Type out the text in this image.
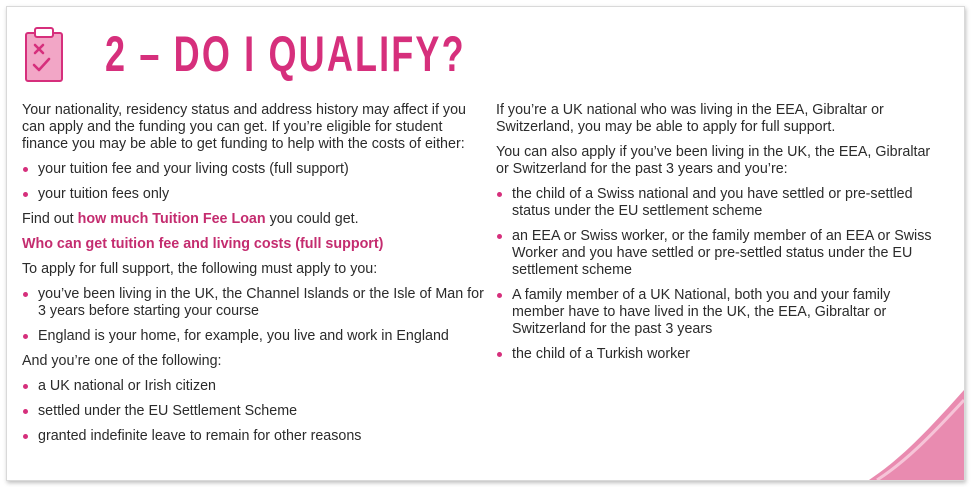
2 – DO I QUALIFY?

Your nationality, residency status and address history may affect if you can apply and the funding you can get. If you’re eligible for student finance you may be able to get funding to help with the costs of either:

your tuition fee and your living costs (full support)
your tuition fees only

Find out how much Tuition Fee Loan you could get.

Who can get tuition fee and living costs (full support)

To apply for full support, the following must apply to you:

you’ve been living in the UK, the Channel Islands or the Isle of Man for 3 years before starting your course
England is your home, for example, you live and work in England

And you’re one of the following:

a UK national or Irish citizen
settled under the EU Settlement Scheme
granted indefinite leave to remain for other reasons

If you’re a UK national who was living in the EEA, Gibraltar or Switzerland, you may be able to apply for full support.

You can also apply if you’ve been living in the UK, the EEA, Gibraltar or Switzerland for the past 3 years and you’re:

the child of a Swiss national and you have settled or pre-settled status under the EU settlement scheme
an EEA or Swiss worker, or the family member of an EEA or Swiss Worker and you have settled or pre-settled status under the EU settlement scheme
A family member of a UK National, both you and your family member have to have lived in the UK, the EEA, Gibraltar or Switzerland for the past 3 years
the child of a Turkish worker
